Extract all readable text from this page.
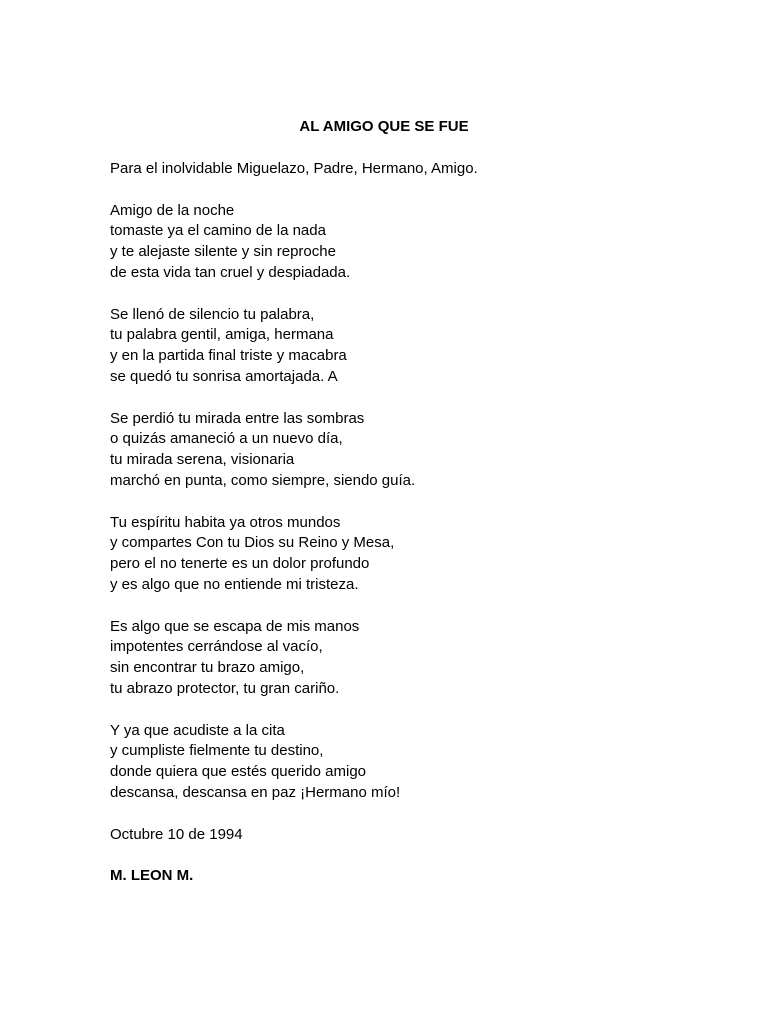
AL AMIGO QUE SE FUE
Para el inolvidable Miguelazo, Padre, Hermano, Amigo.
Amigo de la noche
tomaste ya el camino de la nada
y te alejaste silente y sin reproche
de esta vida tan cruel y despiadada.
Se llenó de silencio tu palabra,
tu palabra gentil, amiga, hermana
y en la partida final triste y macabra
se quedó tu sonrisa amortajada. A
Se perdió tu mirada entre las sombras
o quizás amaneció a un nuevo día,
tu mirada serena, visionaria
marchó en punta, como siempre, siendo guía.
Tu espíritu habita ya otros mundos
y compartes Con tu Dios su Reino y Mesa,
pero el no tenerte es un dolor profundo
y es algo que no entiende mi tristeza.
Es algo que se escapa de mis manos
impotentes cerrándose al vacío,
sin encontrar tu brazo amigo,
tu abrazo protector, tu gran cariño.
Y ya que acudiste a la cita
y cumpliste fielmente tu destino,
donde quiera que estés querido amigo
descansa, descansa en paz ¡Hermano mío!
Octubre 10 de 1994
M. LEON M.
